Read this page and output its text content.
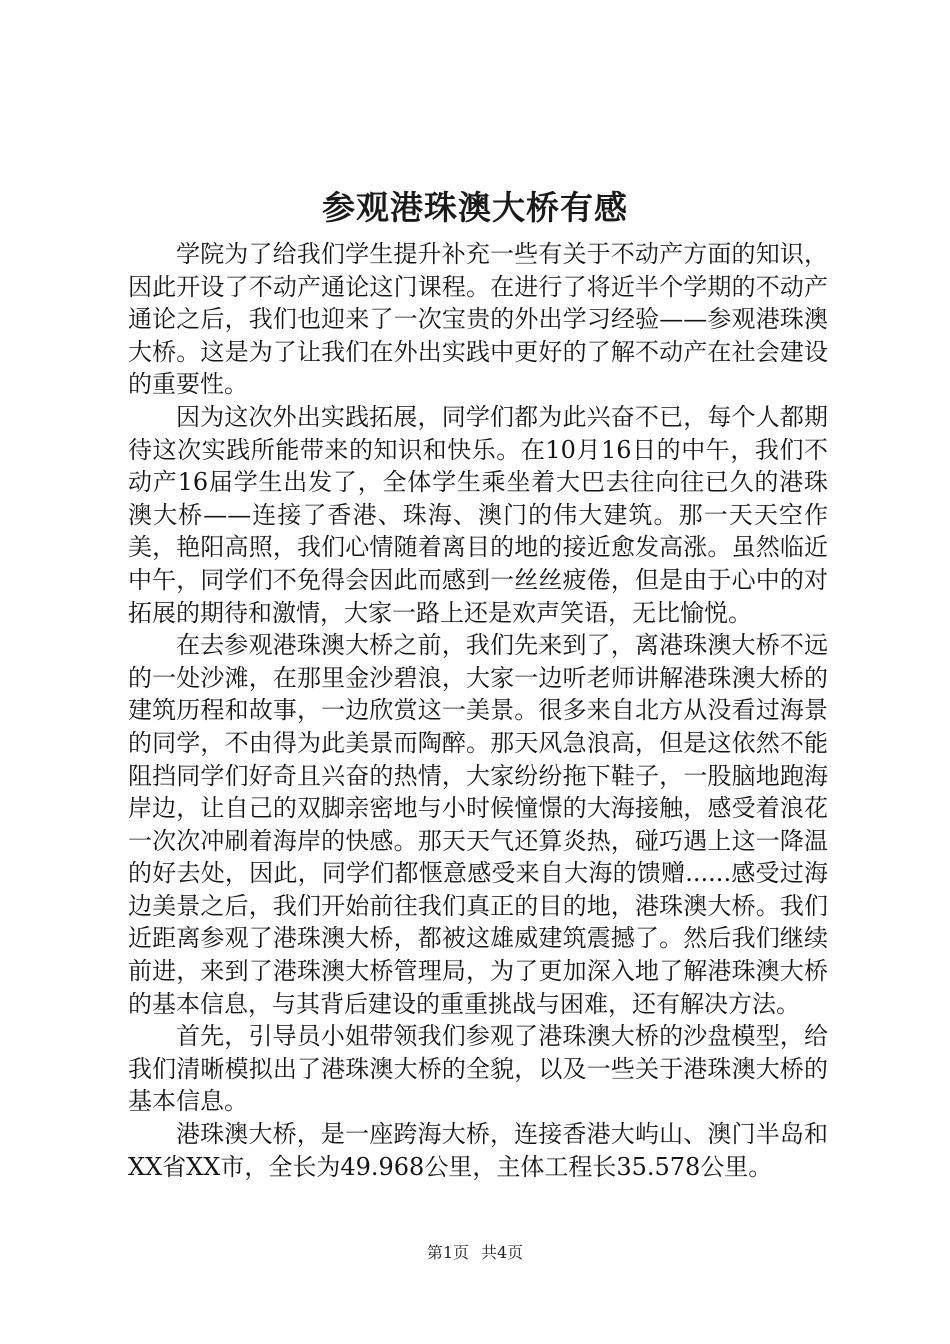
参观港珠澳大桥有感

学院为了给我们学生提升补充一些有关于不动产方面的知识，因此开设了不动产通论这门课程。在进行了将近半个学期的不动产通论之后，我们也迎来了一次宝贵的外出学习经验——参观港珠澳大桥。这是为了让我们在外出实践中更好的了解不动产在社会建设的重要性。

因为这次外出实践拓展，同学们都为此兴奋不已，每个人都期待这次实践所能带来的知识和快乐。在10月16日的中午，我们不动产16届学生出发了，全体学生乘坐着大巴去往向往已久的港珠澳大桥——连接了香港、珠海、澳门的伟大建筑。那一天天空作美，艳阳高照，我们心情随着离目的地的接近愈发高涨。虽然临近中午，同学们不免得会因此而感到一丝丝疲倦，但是由于心中的对拓展的期待和激情，大家一路上还是欢声笑语，无比愉悦。

在去参观港珠澳大桥之前，我们先来到了，离港珠澳大桥不远的一处沙滩，在那里金沙碧浪，大家一边听老师讲解港珠澳大桥的建筑历程和故事，一边欣赏这一美景。很多来自北方从没看过海景的同学，不由得为此美景而陶醉。那天风急浪高，但是这依然不能阻挡同学们好奇且兴奋的热情，大家纷纷拖下鞋子，一股脑地跑海岸边，让自己的双脚亲密地与小时候憧憬的大海接触，感受着浪花一次次冲刷着海岸的快感。那天天气还算炎热，碰巧遇上这一降温的好去处，因此，同学们都惬意感受来自大海的馈赠......感受过海边美景之后，我们开始前往我们真正的目的地，港珠澳大桥。我们近距离参观了港珠澳大桥，都被这雄威建筑震撼了。然后我们继续前进，来到了港珠澳大桥管理局，为了更加深入地了解港珠澳大桥的基本信息，与其背后建设的重重挑战与困难，还有解决方法。

首先，引导员小姐带领我们参观了港珠澳大桥的沙盘模型，给我们清晰模拟出了港珠澳大桥的全貌，以及一些关于港珠澳大桥的基本信息。

港珠澳大桥，是一座跨海大桥，连接香港大屿山、澳门半岛和XX省XX市，全长为49.968公里，主体工程长35.578公里。

第1页 共4页
